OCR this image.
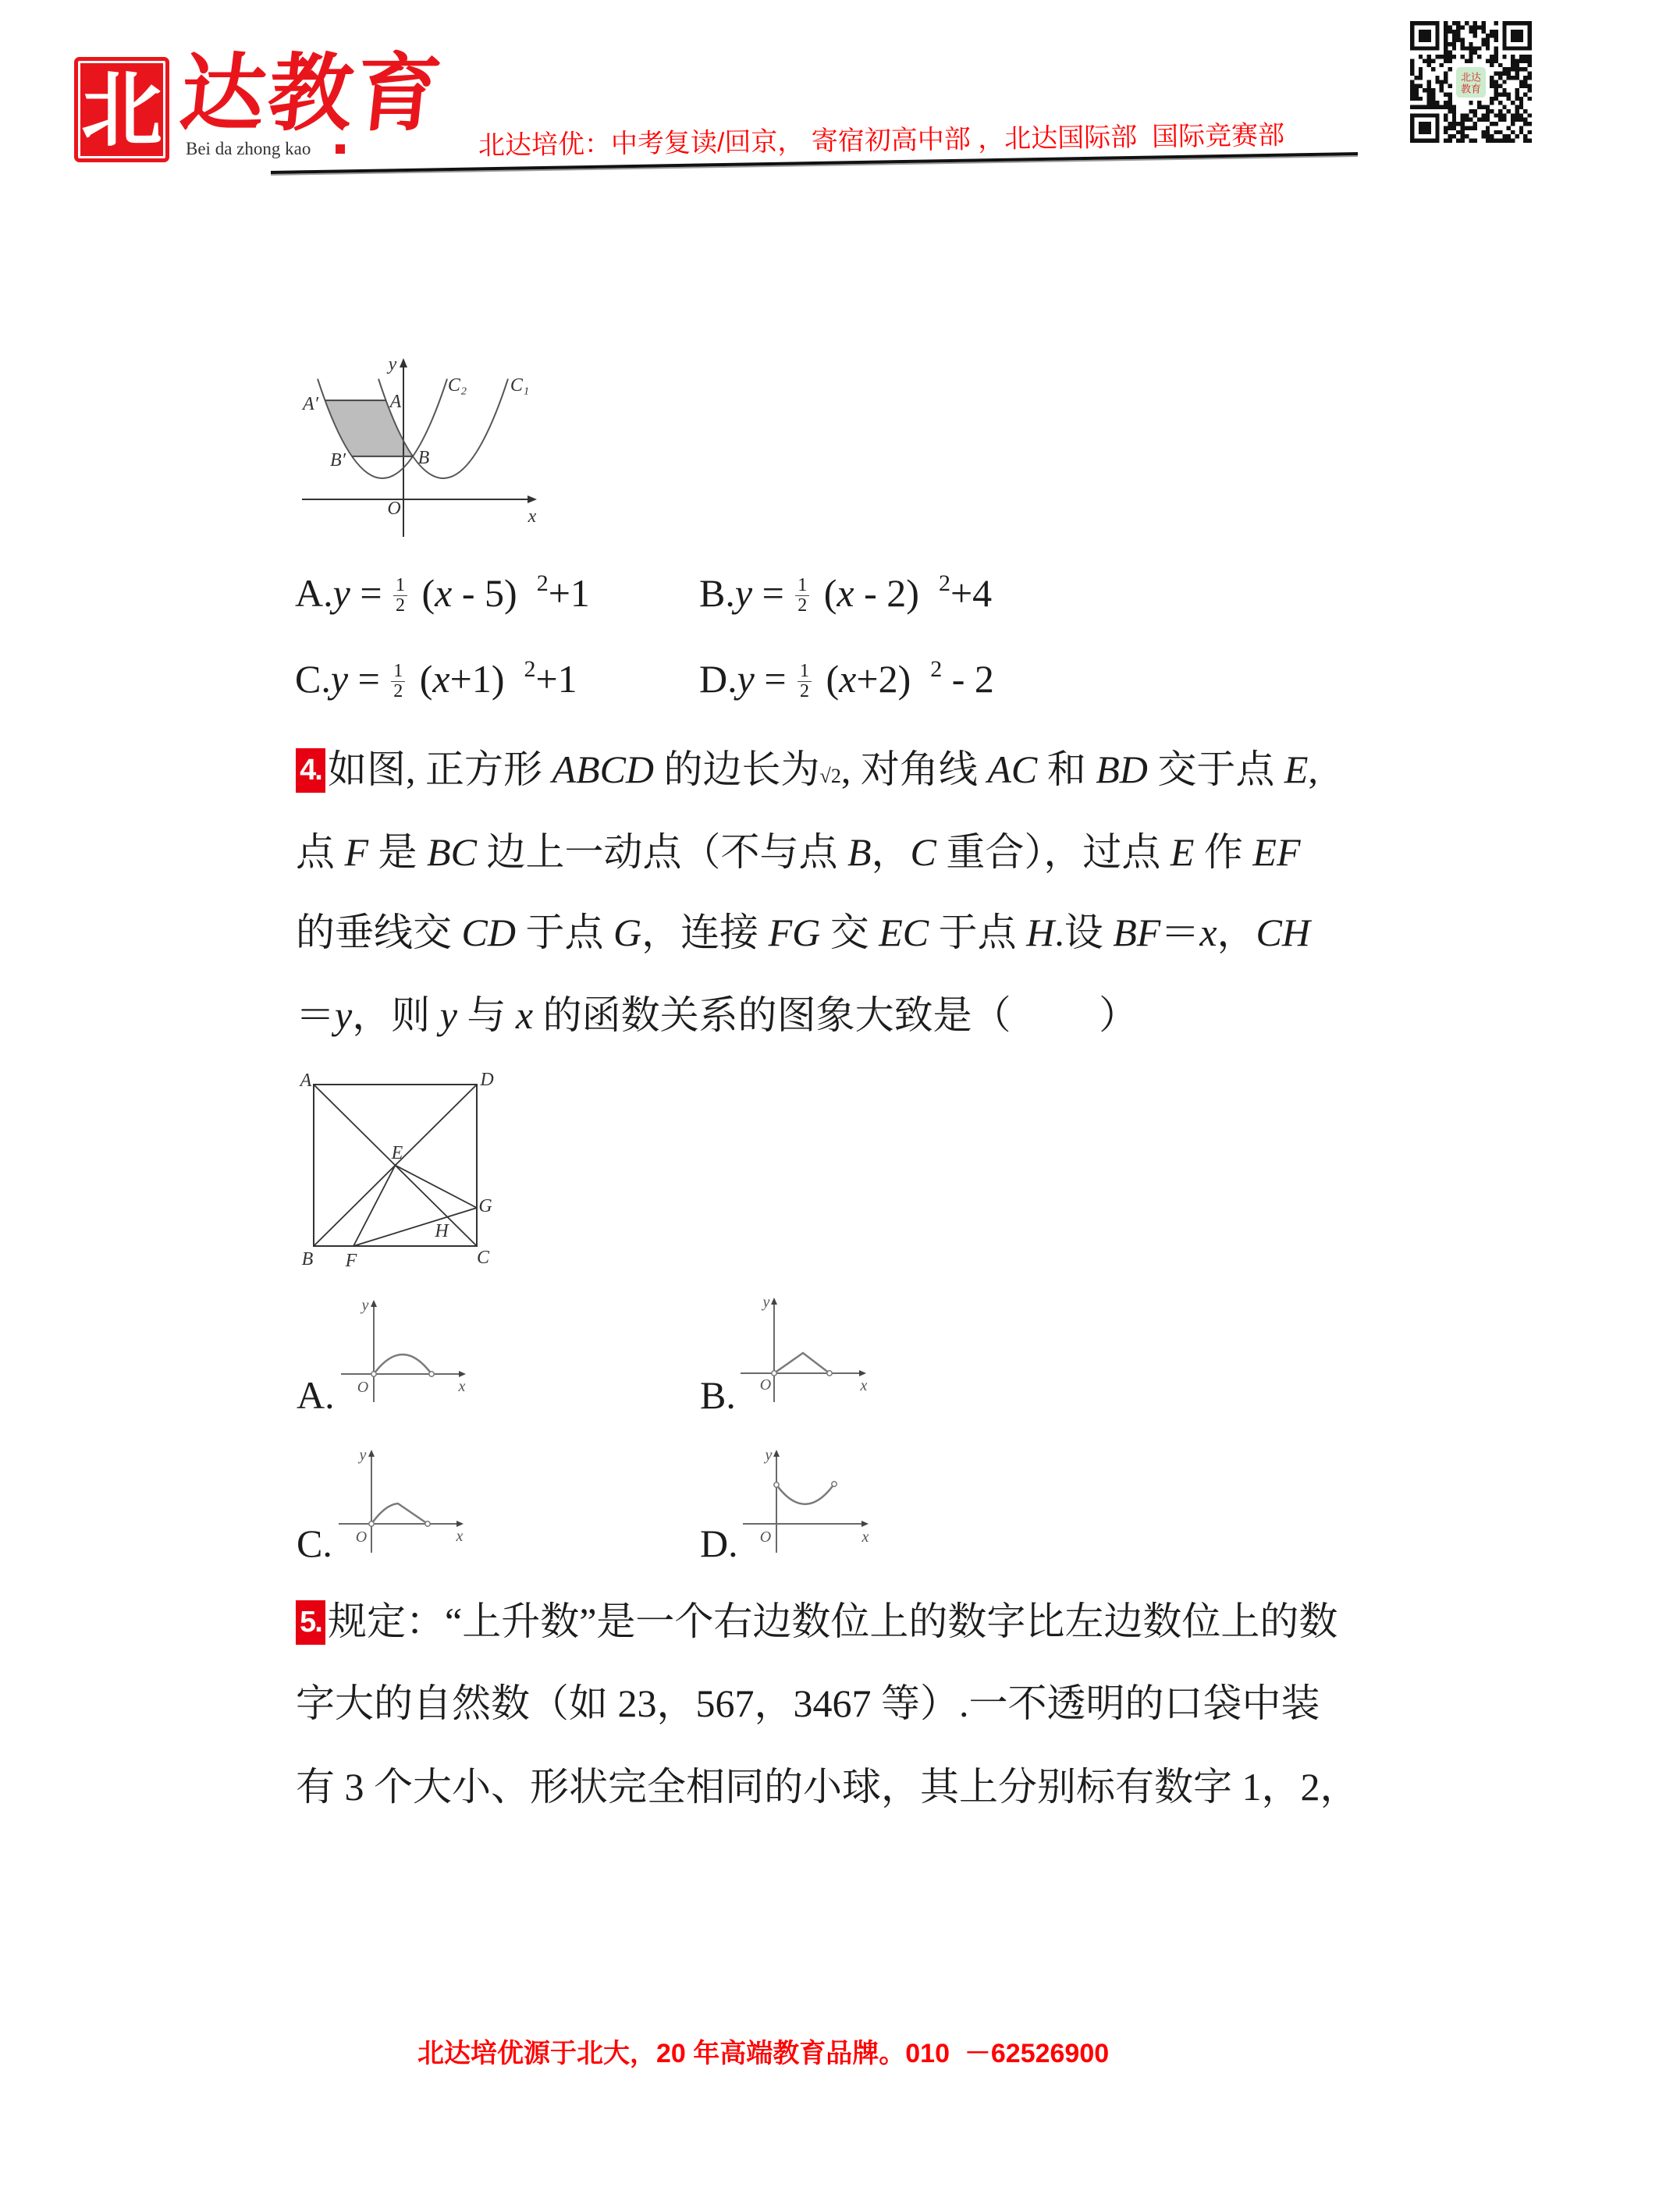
北 达教育
Bei da zhong kao	北达培优：中考复读/回京， 寄宿初高中部 ，北达国际部  国际竞赛部
北达
教育
y
x
O
C₂ C₁
A′	A
B′	B
$A.y = \frac{1}{2} (x - 5)$  $^2$+1	$B.y = \frac{1}{2} (x - 2)$  $^2$+4
$C.y = \frac{1}{2} (x+1)$  $^2$+1	$D.y = \frac{1}{2} (x+2)$  $^2$ - 2
4. 如图, 正方形 ABCD 的边长为√2, 对角线 AC 和 BD 交于点 E,
点 F 是 BC 边上一动点（不与点 B，C 重合），过点 E 作 EF
的垂线交 CD 于点 G，连接 FG 交 EC 于点 H.设 BF＝x，CH
＝y，则 y 与 x 的函数关系的图象大致是（　　 ）
A	D
E
G
H
B F	C
A.
y
O	x	B.
y
O	x
C.
y
O	x	D.
y
O	x
5. 规定：“上升数”是一个右边数位上的数字比左边数位上的数
字大的自然数（如 23，567，3467 等）.一不透明的口袋中装
有 3 个大小、形状完全相同的小球，其上分别标有数字 1，2，
北达培优源于北大，20 年高端教育品牌。010  －62526900
